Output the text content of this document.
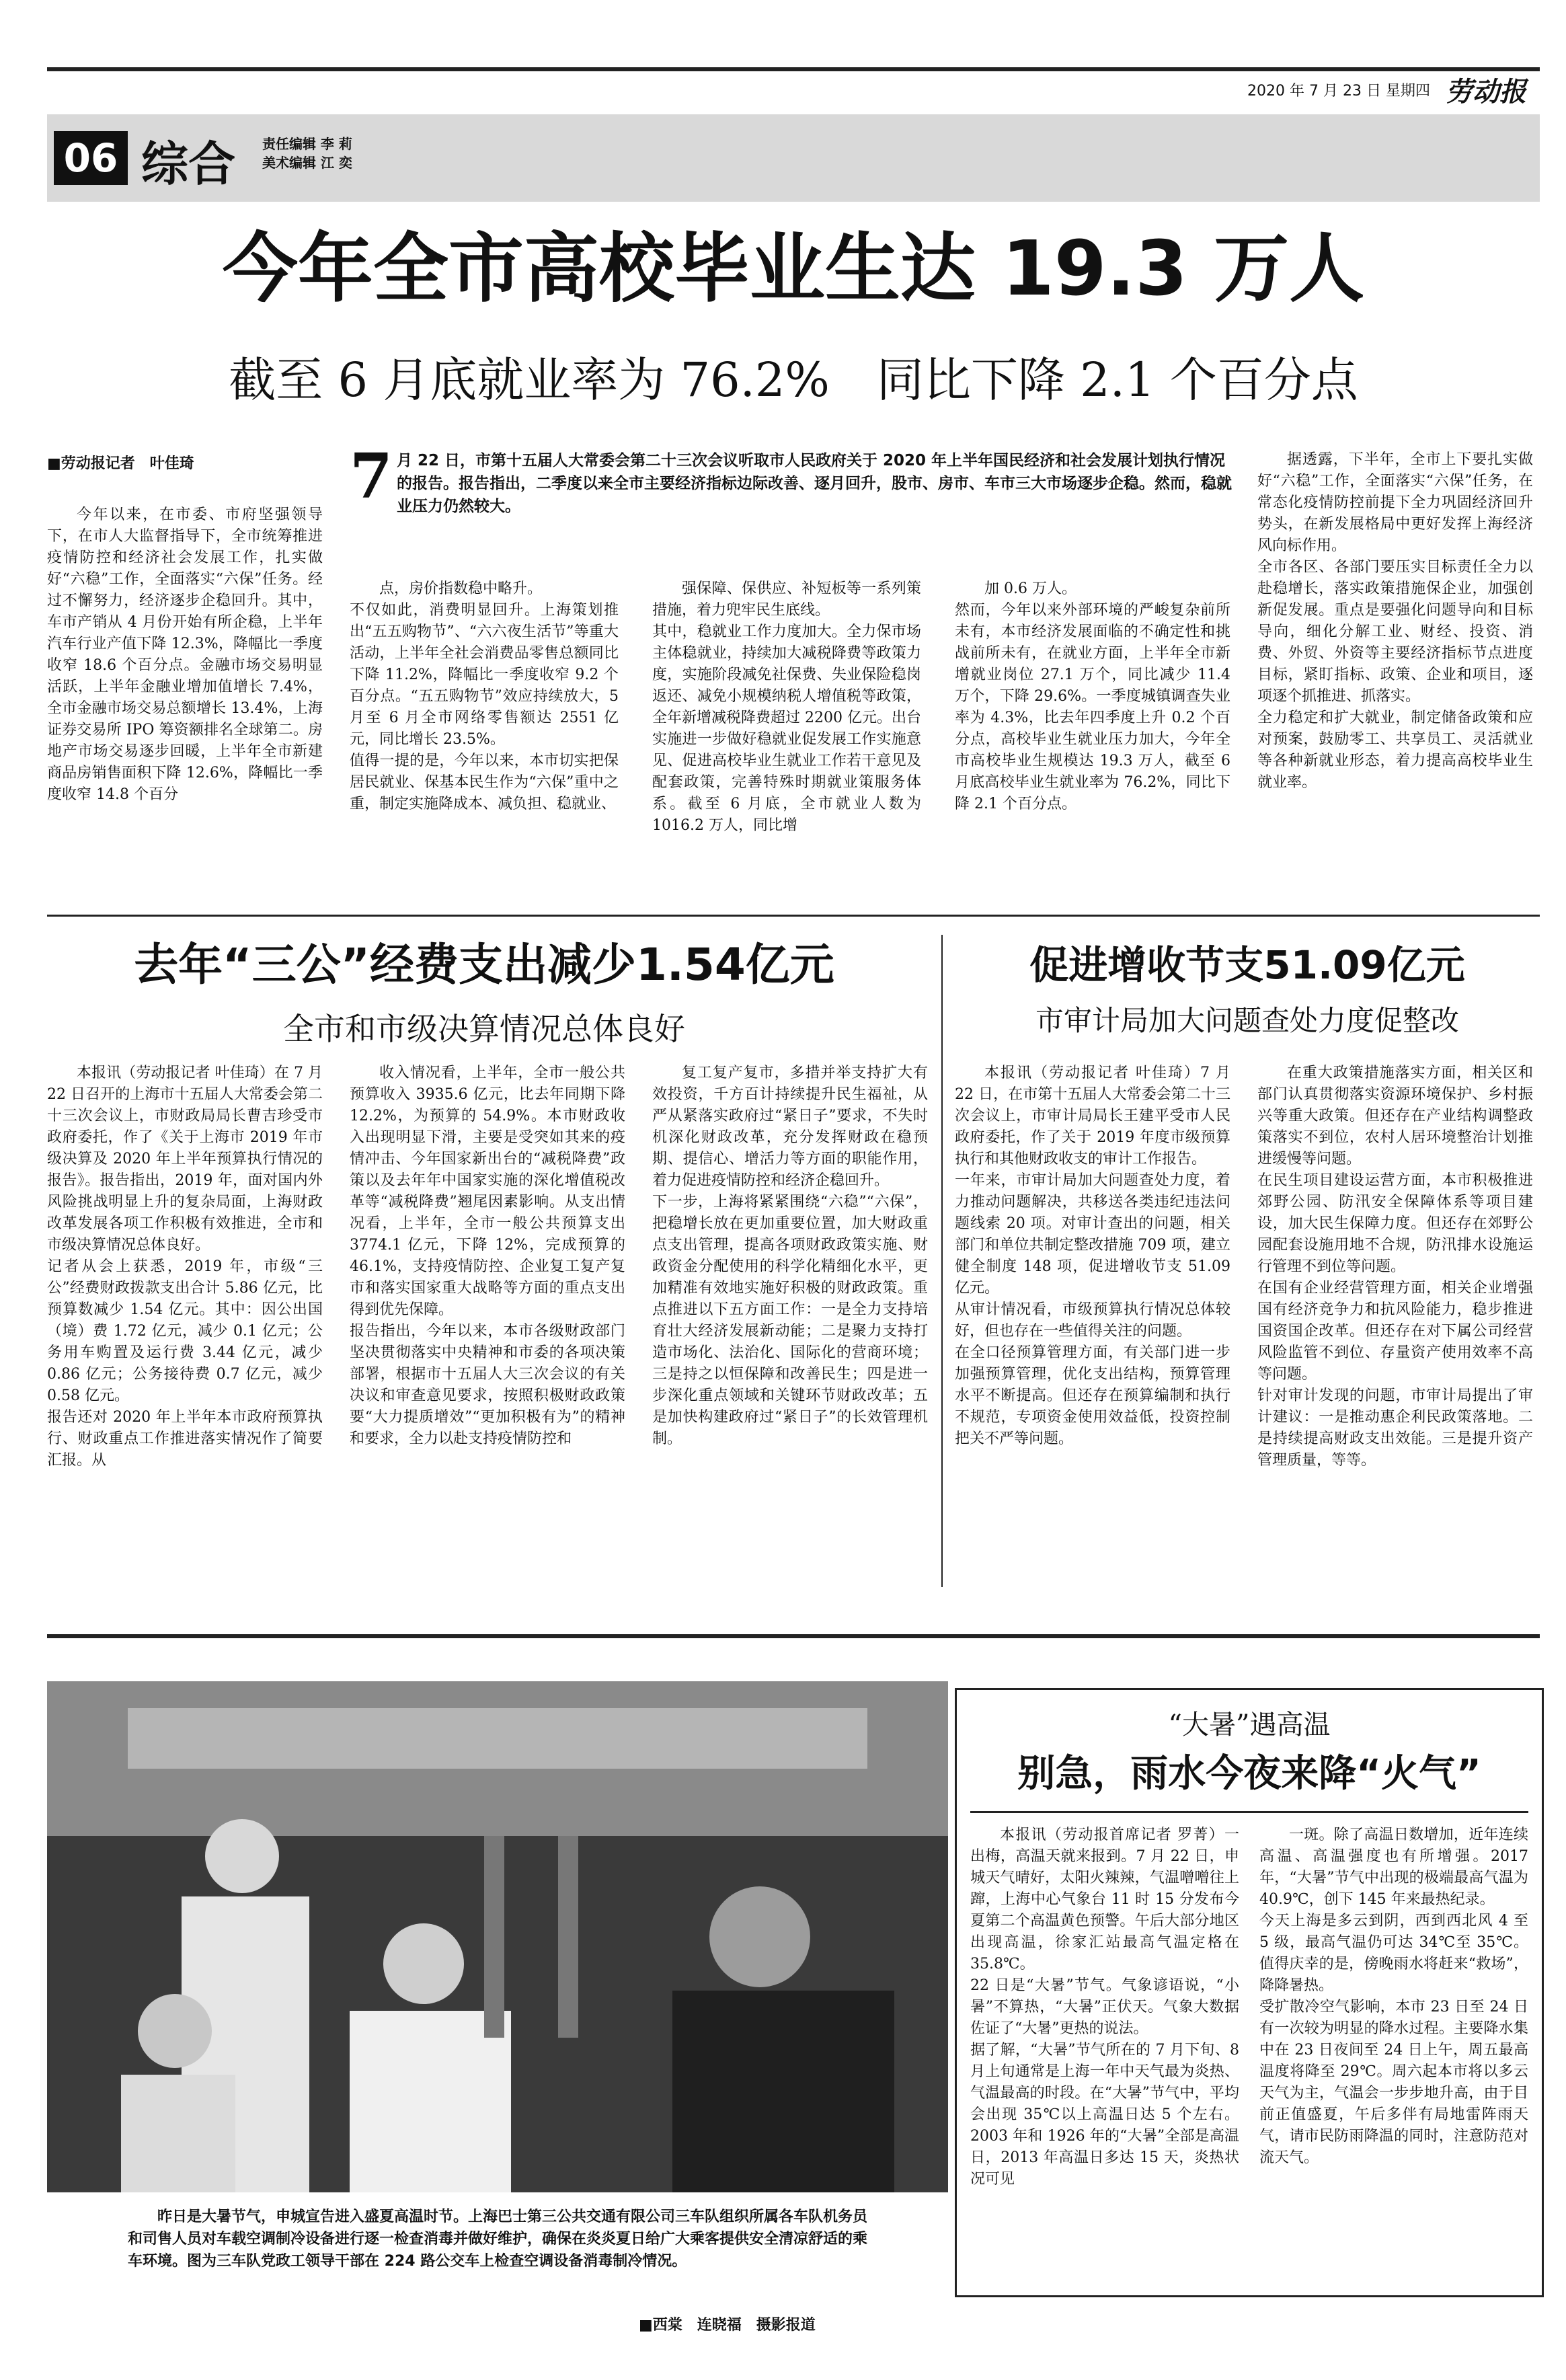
2020 年 7 月 23 日 星期四 劳动报
06 综合 责任编辑 李 莉
美术编辑 江 奕
今年全市高校毕业生达 19.3 万人
截至 6 月底就业率为 76.2%　同比下降 2.1 个百分点
■劳动报记者　叶佳琦	7 月 22 日，市第十五届人大常委会第二十三次会议听取市人民政府关于 2020 年上半年国民经济和社会发展计划执行情况的报告。报告指出，二季度以来全市主要经济指标边际改善、逐月回升，股市、房市、车市三大市场逐步企稳。然而，稳就业压力仍然较大。
今年以来，在市委、市府坚强领导下，在市人大监督指导下，全市统筹推进疫情防控和经济社会发展工作，扎实做好“六稳”工作，全面落实“六保”任务。经过不懈努力，经济逐步企稳回升。其中，车市产销从 4 月份开始有所企稳，上半年汽车行业产值下降 12.3%，降幅比一季度收窄 18.6 个百分点。金融市场交易明显活跃，上半年金融业增加值增长 7.4%，全市金融市场交易总额增长 13.4%，上海证券交易所 IPO 筹资额排名全球第二。房地产市场交易逐步回暖，上半年全市新建商品房销售面积下降 12.6%，降幅比一季度收窄 14.8 个百分
点，房价指数稳中略升。
不仅如此，消费明显回升。上海策划推出“五五购物节”、“六六夜生活节”等重大活动，上半年全社会消费品零售总额同比下降 11.2%，降幅比一季度收窄 9.2 个百分点。“五五购物节”效应持续放大，5 月至 6 月全市网络零售额达 2551 亿元，同比增长 23.5%。
值得一提的是，今年以来，本市切实把保居民就业、保基本民生作为“六保”重中之重，制定实施降成本、减负担、稳就业、
强保障、保供应、补短板等一系列策措施，着力兜牢民生底线。
其中，稳就业工作力度加大。全力保市场主体稳就业，持续加大减税降费等政策力度，实施阶段减免社保费、失业保险稳岗返还、减免小规模纳税人增值税等政策，全年新增减税降费超过 2200 亿元。出台实施进一步做好稳就业促发展工作实施意见、促进高校毕业生就业工作若干意见及配套政策，完善特殊时期就业策服务体系。截至 6 月底，全市就业人数为 1016.2 万人，同比增
加 0.6 万人。
然而，今年以来外部环境的严峻复杂前所未有，本市经济发展面临的不确定性和挑战前所未有，在就业方面，上半年全市新增就业岗位 27.1 万个，同比减少 11.4 万个，下降 29.6%。一季度城镇调查失业率为 4.3%，比去年四季度上升 0.2 个百分点，高校毕业生就业压力加大，今年全市高校毕业生规模达 19.3 万人，截至 6 月底高校毕业生就业率为 76.2%，同比下降 2.1 个百分点。
据透露，下半年，全市上下要扎实做好“六稳”工作，全面落实“六保”任务，在常态化疫情防控前提下全力巩固经济回升势头，在新发展格局中更好发挥上海经济风向标作用。
全市各区、各部门要压实目标责任全力以赴稳增长，落实政策措施保企业，加强创新促发展。重点是要强化问题导向和目标导向，细化分解工业、财经、投资、消费、外贸、外资等主要经济指标节点进度目标，紧盯指标、政策、企业和项目，逐项逐个抓推进、抓落实。
全力稳定和扩大就业，制定储备政策和应对预案，鼓励零工、共享员工、灵活就业等各种新就业形态，着力提高高校毕业生就业率。
去年“三公”经费支出减少1.54亿元
全市和市级决算情况总体良好
本报讯（劳动报记者 叶佳琦）在 7 月 22 日召开的上海市十五届人大常委会第二十三次会议上，市财政局局长曹吉珍受市政府委托，作了《关于上海市 2019 年市级决算及 2020 年上半年预算执行情况的报告》。报告指出，2019 年，面对国内外风险挑战明显上升的复杂局面，上海财政改革发展各项工作积极有效推进，全市和市级决算情况总体良好。
记者从会上获悉，2019 年，市级“三公”经费财政拨款支出合计 5.86 亿元，比预算数减少 1.54 亿元。其中：因公出国（境）费 1.72 亿元，减少 0.1 亿元；公务用车购置及运行费 3.44 亿元，减少 0.86 亿元；公务接待费 0.7 亿元，减少 0.58 亿元。
报告还对 2020 年上半年本市政府预算执行、财政重点工作推进落实情况作了简要汇报。从
收入情况看，上半年，全市一般公共预算收入 3935.6 亿元，比去年同期下降 12.2%，为预算的 54.9%。本市财政收入出现明显下滑，主要是受突如其来的疫情冲击、今年国家新出台的“减税降费”政策以及去年年中国家实施的深化增值税改革等“减税降费”翘尾因素影响。从支出情况看，上半年，全市一般公共预算支出 3774.1 亿元，下降 12%，完成预算的 46.1%，支持疫情防控、企业复工复产复市和落实国家重大战略等方面的重点支出得到优先保障。
报告指出，今年以来，本市各级财政部门坚决贯彻落实中央精神和市委的各项决策部署，根据市十五届人大三次会议的有关决议和审查意见要求，按照积极财政政策要“大力提质增效”“更加积极有为”的精神和要求，全力以赴支持疫情防控和
复工复产复市，多措并举支持扩大有效投资，千方百计持续提升民生福祉，从严从紧落实政府过“紧日子”要求，不失时机深化财政改革，充分发挥财政在稳预期、提信心、增活力等方面的职能作用，着力促进疫情防控和经济企稳回升。
下一步，上海将紧紧围绕“六稳”“六保”，把稳增长放在更加重要位置，加大财政重点支出管理，提高各项财政政策实施、财政资金分配使用的科学化精细化水平，更加精准有效地实施好积极的财政政策。重点推进以下五方面工作：一是全力支持培育壮大经济发展新动能；二是聚力支持打造市场化、法治化、国际化的营商环境；三是持之以恒保障和改善民生；四是进一步深化重点领域和关键环节财政改革；五是加快构建政府过“紧日子”的长效管理机制。
促进增收节支51.09亿元
市审计局加大问题查处力度促整改
本报讯（劳动报记者 叶佳琦）7 月 22 日，在市第十五届人大常委会第二十三次会议上，市审计局局长王建平受市人民政府委托，作了关于 2019 年度市级预算执行和其他财政收支的审计工作报告。
一年来，市审计局加大问题查处力度，着力推动问题解决，共移送各类违纪违法问题线索 20 项。对审计查出的问题，相关部门和单位共制定整改措施 709 项，建立健全制度 148 项，促进增收节支 51.09 亿元。
从审计情况看，市级预算执行情况总体较好，但也存在一些值得关注的问题。
在全口径预算管理方面，有关部门进一步加强预算管理，优化支出结构，预算管理水平不断提高。但还存在预算编制和执行不规范，专项资金使用效益低，投资控制把关不严等问题。
在重大政策措施落实方面，相关区和部门认真贯彻落实资源环境保护、乡村振兴等重大政策。但还存在产业结构调整政策落实不到位，农村人居环境整治计划推进缓慢等问题。
在民生项目建设运营方面，本市积极推进郊野公园、防汛安全保障体系等项目建设，加大民生保障力度。但还存在郊野公园配套设施用地不合规，防汛排水设施运行管理不到位等问题。
在国有企业经营管理方面，相关企业增强国有经济竞争力和抗风险能力，稳步推进国资国企改革。但还存在对下属公司经营风险监管不到位、存量资产使用效率不高等问题。
针对审计发现的问题，市审计局提出了审计建议：一是推动惠企利民政策落地。二是持续提高财政支出效能。三是提升资产管理质量，等等。
昨日是大暑节气，申城宣告进入盛夏高温时节。上海巴士第三公共交通有限公司三车队组织所属各车队机务员和司售人员对车载空调制冷设备进行逐一检查消毒并做好维护，确保在炎炎夏日给广大乘客提供安全清凉舒适的乘车环境。图为三车队党政工领导干部在 224 路公交车上检查空调设备消毒制冷情况。
■西棠　连晓福　摄影报道
“大暑”遇高温
别急，雨水今夜来降“火气”
本报讯（劳动报首席记者 罗菁）一出梅，高温天就来报到。7 月 22 日，申城天气晴好，太阳火辣辣，气温噌噌往上蹿，上海中心气象台 11 时 15 分发布今夏第二个高温黄色预警。午后大部分地区出现高温，徐家汇站最高气温定格在 35.8℃。
22 日是“大暑”节气。气象谚语说，“小暑”不算热，“大暑”正伏天。气象大数据佐证了“大暑”更热的说法。
据了解，“大暑”节气所在的 7 月下旬、8 月上旬通常是上海一年中天气最为炎热、气温最高的时段。在“大暑”节气中，平均会出现 35℃以上高温日达 5 个左右。2003 年和 1926 年的“大暑”全部是高温日，2013 年高温日多达 15 天，炎热状况可见
一斑。除了高温日数增加，近年连续高温、高温强度也有所增强。2017 年，“大暑”节气中出现的极端最高气温为 40.9℃，创下 145 年来最热纪录。
今天上海是多云到阴，西到西北风 4 至 5 级，最高气温仍可达 34℃至 35℃。值得庆幸的是，傍晚雨水将赶来“救场”，降降暑热。
受扩散冷空气影响，本市 23 日至 24 日有一次较为明显的降水过程。主要降水集中在 23 日夜间至 24 日上午，周五最高温度将降至 29℃。周六起本市将以多云天气为主，气温会一步步地升高，由于目前正值盛夏，午后多伴有局地雷阵雨天气，请市民防雨降温的同时，注意防范对流天气。
